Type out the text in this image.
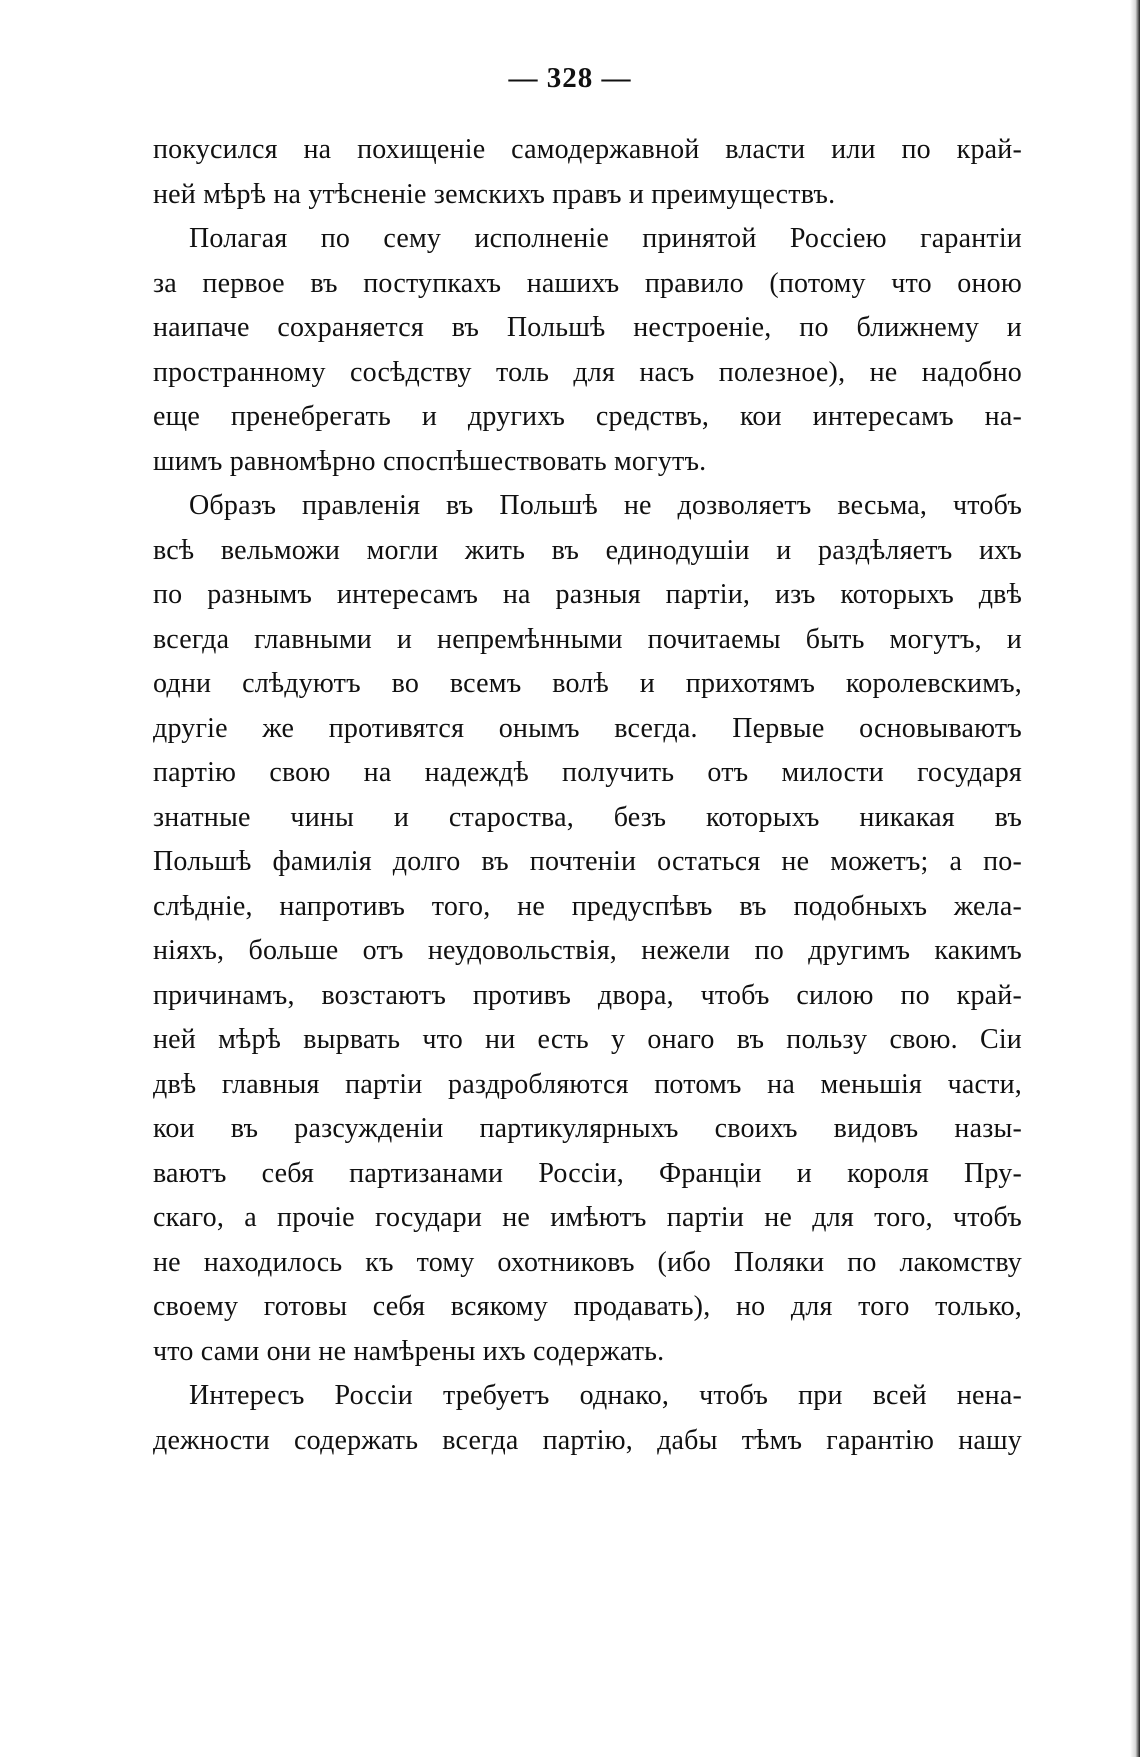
— 328 —
покусился на похищеніе самодержавной власти или по край-
ней мѣрѣ на утѣсненіе земскихъ правъ и преимуществъ.
Полагая по сему исполненіе принятой Россіею гарантіи
за первое въ поступкахъ нашихъ правило (потому что оною
наипаче сохраняется въ Польшѣ нестроеніе, по ближнему и
пространному сосѣдству толь для насъ полезное), не надобно
еще пренебрегать и другихъ средствъ, кои интересамъ на-
шимъ равномѣрно споспѣшествовать могутъ.
Образъ правленія въ Польшѣ не дозволяетъ весьма, чтобъ
всѣ вельможи могли жить въ единодушіи и раздѣляетъ ихъ
по разнымъ интересамъ на разныя партіи, изъ которыхъ двѣ
всегда главными и непремѣнными почитаемы быть могутъ, и
одни слѣдуютъ во всемъ волѣ и прихотямъ королевскимъ,
другіе же противятся онымъ всегда. Первые основываютъ
партію свою на надеждѣ получить отъ милости государя
знатные чины и староства, безъ которыхъ никакая въ
Польшѣ фамилія долго въ почтеніи остаться не можетъ; а по-
слѣдніе, напротивъ того, не предуспѣвъ въ подобныхъ жела-
ніяхъ, больше отъ неудовольствія, нежели по другимъ какимъ
причинамъ, возстаютъ противъ двора, чтобъ силою по край-
ней мѣрѣ вырвать что ни есть у онаго въ пользу свою. Сіи
двѣ главныя партіи раздробляются потомъ на меньшія части,
кои въ разсужденіи партикулярныхъ своихъ видовъ назы-
ваютъ себя партизанами Россіи, Франціи и короля Пру-
скаго, а прочіе государи не имѣютъ партіи не для того, чтобъ
не находилось къ тому охотниковъ (ибо Поляки по лакомству
своему готовы себя всякому продавать), но для того только,
что сами они не намѣрены ихъ содержать.
Интересъ Россіи требуетъ однако, чтобъ при всей нена-
дежности содержать всегда партію, дабы тѣмъ гарантію нашу
